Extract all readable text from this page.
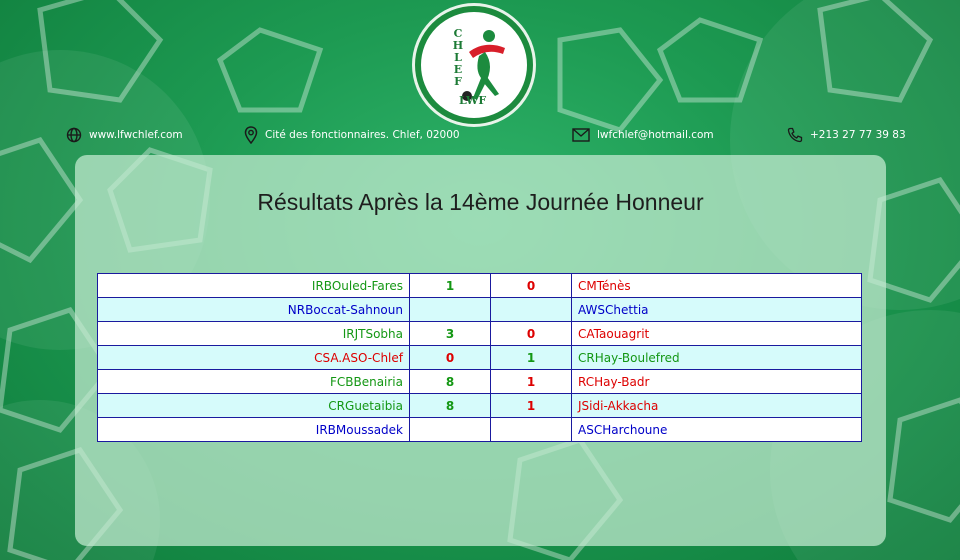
C
H
L
E
F
LWF
www.lfwchlef.com	Cité des fonctionnaires. Chlef, 02000	lwfchlef@hotmail.com	+213 27 77 39 83
Résultats Après la 14ème Journée Honneur
IRBOuled-Fares	1	0	CMTénès
NRBoccat-Sahnoun			AWSChettia
IRJTSobha	3	0	CATaouagrit
CSA.ASO-Chlef	0	1	CRHay-Boulefred
FCBBenairia	8	1	RCHay-Badr
CRGuetaibia	8	1	JSidi-Akkacha
IRBMoussadek			ASCHarchoune
